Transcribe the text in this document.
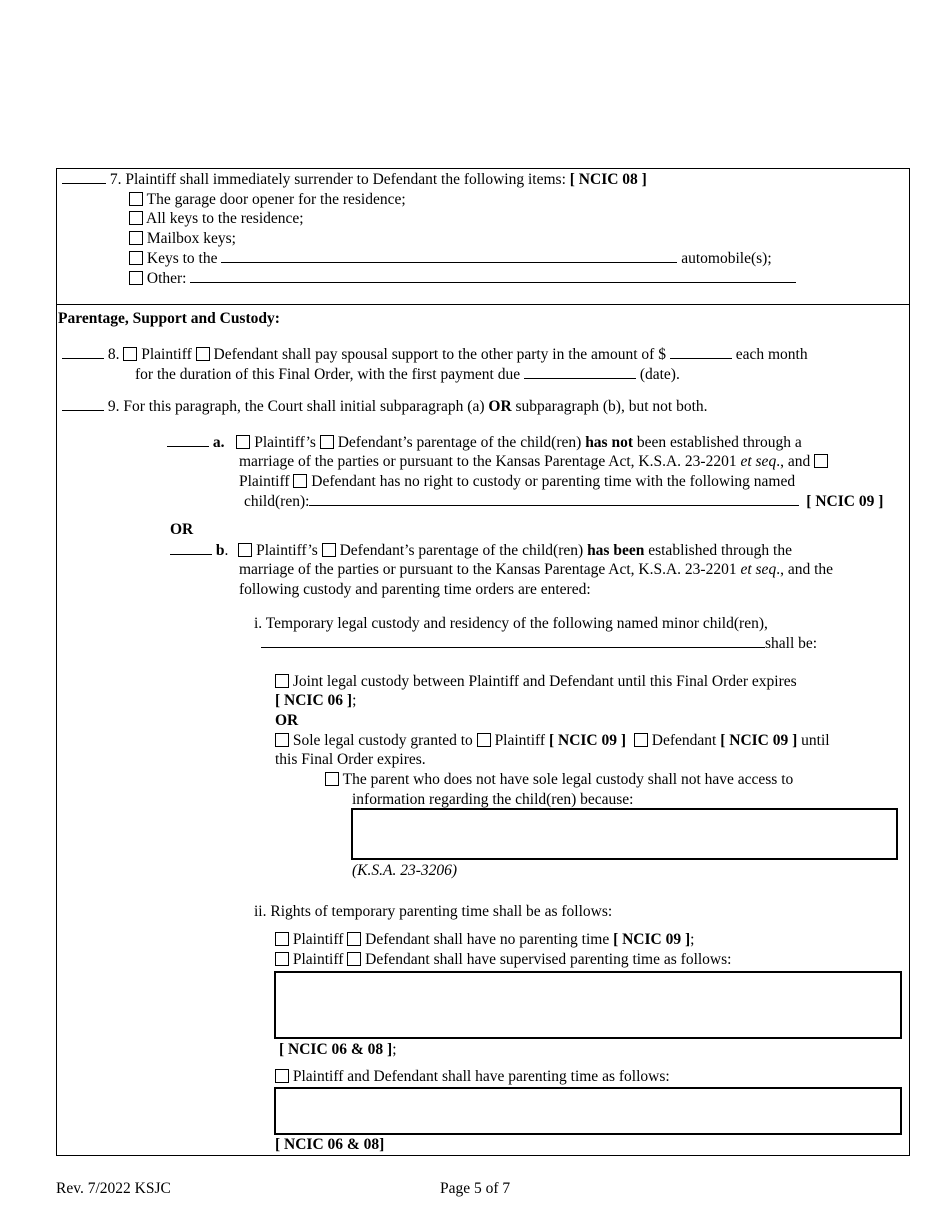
7. Plaintiff shall immediately surrender to Defendant the following items: [ NCIC 08 ]
The garage door opener for the residence;
All keys to the residence;
Mailbox keys;
Keys to the	automobile(s);
Other:
Parentage, Support and Custody:
8. Plaintiff Defendant shall pay spousal support to the other party in the amount of $	each month
for the duration of this Final Order, with the first payment due	(date).
9. For this paragraph, the Court shall initial subparagraph (a) OR subparagraph (b), but not both.
a. Plaintiff’s Defendant’s parentage of the child(ren) has not been established through a
marriage of the parties or pursuant to the Kansas Parentage Act, K.S.A. 23-2201 et seq., and
Plaintiff Defendant has no right to custody or parenting time with the following named
child(ren):	[ NCIC 09 ]
OR
b.  Plaintiff’s Defendant’s parentage of the child(ren) has been established through the
marriage of the parties or pursuant to the Kansas Parentage Act, K.S.A. 23-2201 et seq., and the
following custody and parenting time orders are entered:
i. Temporary legal custody and residency of the following named minor child(ren),
shall be:
Joint legal custody between Plaintiff and Defendant until this Final Order expires
[ NCIC 06 ];
OR
Sole legal custody granted to Plaintiff [ NCIC 09 ] Defendant [ NCIC 09 ] until
this Final Order expires.
The parent who does not have sole legal custody shall not have access to
information regarding the child(ren) because:
(K.S.A. 23-3206)
ii. Rights of temporary parenting time shall be as follows:
Plaintiff Defendant shall have no parenting time [ NCIC 09 ];
Plaintiff Defendant shall have supervised parenting time as follows:
[ NCIC 06 & 08 ];
Plaintiff and Defendant shall have parenting time as follows:
[ NCIC 06 & 08]
Rev. 7/2022 KSJC	Page 5 of 7
